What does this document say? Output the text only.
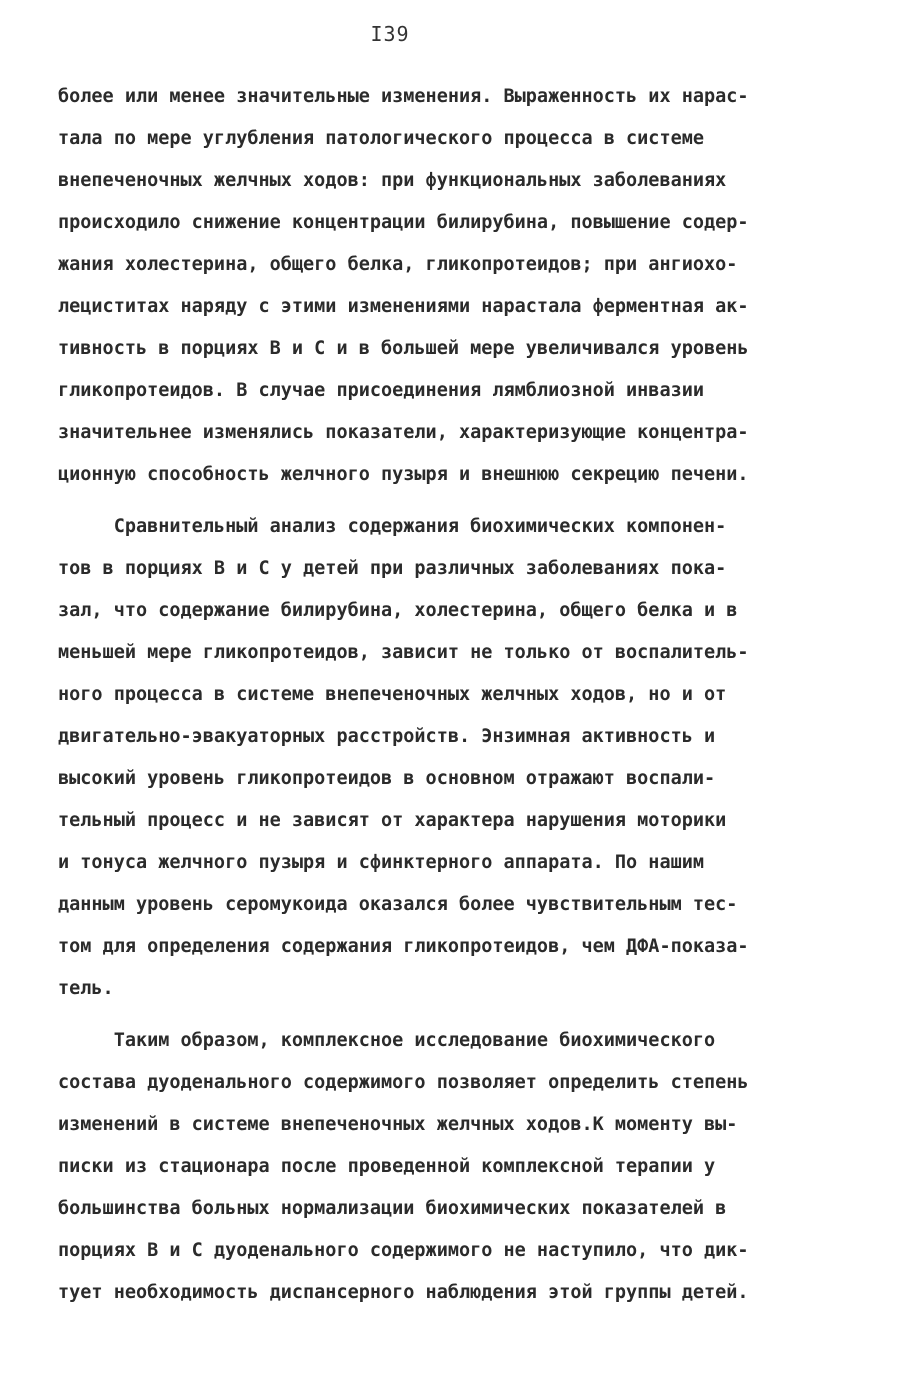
I39
более или менее значительные изменения. Выраженность их нарас-
тала по мере углубления патологического процесса в системе
внепеченочных желчных ходов: при функциональных заболеваниях
происходило снижение концентрации билирубина, повышение содер-
жания холестерина, общего белка, гликопротеидов; при ангиохо-
лециститах наряду с этими изменениями нарастала ферментная ак-
тивность в порциях В и С и в большей мере увеличивался уровень
гликопротеидов. В случае присоединения лямблиозной инвазии
значительнее изменялись показатели, характеризующие концентра-
ционную способность желчного пузыря и внешнюю секрецию печени.
Сравнительный анализ содержания биохимических компонен-
тов в порциях В и С у детей при различных заболеваниях пока-
зал, что содержание билирубина, холестерина, общего белка и в
меньшей мере гликопротеидов, зависит не только от воспалитель-
ного процесса в системе внепеченочных желчных ходов, но и от
двигательно-эвакуаторных расстройств. Энзимная активность и
высокий уровень гликопротеидов в основном отражают воспали-
тельный процесс и не зависят от характера нарушения моторики
и тонуса желчного пузыря и сфинктерного аппарата. По нашим
данным уровень серомукоида оказался более чувствительным тес-
том для определения содержания гликопротеидов, чем ДФА-показа-
тель.
Таким образом, комплексное исследование биохимического
состава дуоденального содержимого позволяет определить степень
изменений в системе внепеченочных желчных ходов.К моменту вы-
писки из стационара после проведенной комплексной терапии у
большинства больных нормализации биохимических показателей в
порциях В и С дуоденального содержимого не наступило, что дик-
тует необходимость диспансерного наблюдения этой группы детей.
